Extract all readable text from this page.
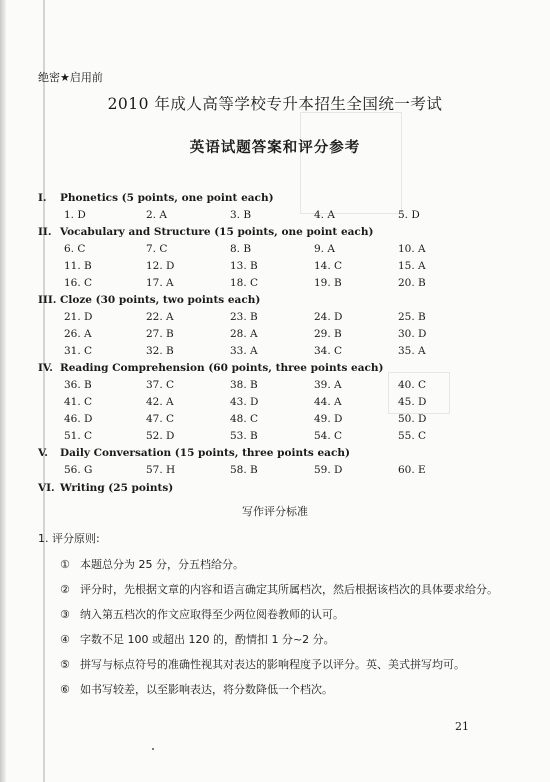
绝密★启用前
2010 年成人高等学校专升本招生全国统一考试
英语试题答案和评分参考
I. Phonetics (5 points, one point each)
1. D	2. A	3. B	4. A	5. D
II. Vocabulary and Structure (15 points, one point each)
6. C	7. C	8. B	9. A	10. A
11. B	12. D	13. B	14. C	15. A
16. C	17. A	18. C	19. B	20. B
III. Cloze (30 points, two points each)
21. D	22. A	23. B	24. D	25. B
26. A	27. B	28. A	29. B	30. D
31. C	32. B	33. A	34. C	35. A
IV. Reading Comprehension (60 points, three points each)
36. B	37. C	38. B	39. A	40. C
41. C	42. A	43. D	44. A	45. D
46. D	47. C	48. C	49. D	50. D
51. C	52. D	53. B	54. C	55. C
V. Daily Conversation (15 points, three points each)
56. G	57. H	58. B	59. D	60. E
VI. Writing (25 points)
写作评分标准
1. 评分原则:
① 本题总分为 25 分，分五档给分。
② 评分时，先根据文章的内容和语言确定其所属档次，然后根据该档次的具体要求给分。
③ 纳入第五档次的作文应取得至少两位阅卷教师的认可。
④ 字数不足 100 或超出 120 的，酌情扣 1 分~2 分。
⑤ 拼写与标点符号的准确性视其对表达的影响程度予以评分。英、美式拼写均可。
⑥ 如书写较差，以至影响表达，将分数降低一个档次。
21
